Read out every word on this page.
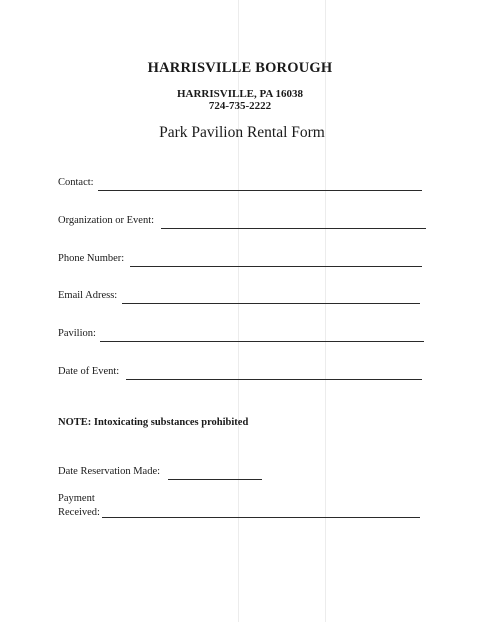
HARRISVILLE BOROUGH
HARRISVILLE, PA 16038
724-735-2222
Park Pavilion Rental Form
Contact:
Organization or Event:
Phone Number:
Email Adress:
Pavilion:
Date of Event:
NOTE: Intoxicating substances prohibited
Date Reservation Made:
Payment
Received:
